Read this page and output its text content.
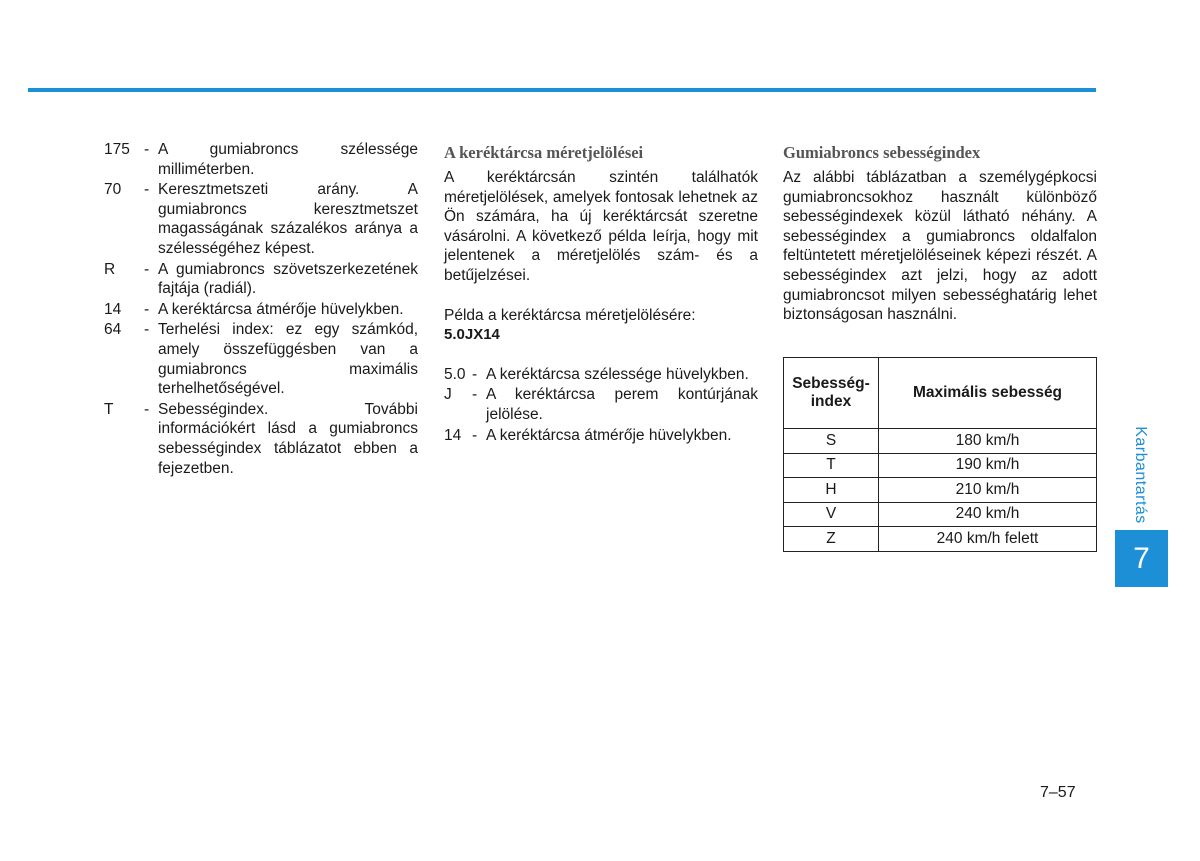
175 - A gumiabroncs szélessége milliméterben.
70	- Keresztmetszeti arány. A gumiabroncs keresztmetszet magasságának százalékos aránya a szélességéhez képest.
R	- A gumiabroncs szövetszerkezetének fajtája (radiál).
14	- A keréktárcsa átmérője hüvelykben.
64	- Terhelési index: ez egy számkód, amely összefüggésben van a gumiabroncs maximális terhelhetőségével.
T	- Sebességindex. További információkért lásd a gumiabroncs sebességindex táblázatot ebben a fejezetben.
A keréktárcsa méretjelölései

A keréktárcsán szintén találhatók méretjelölések, amelyek fontosak lehetnek az Ön számára, ha új keréktárcsát szeretne vásárolni. A következő példa leírja, hogy mit jelentenek a méretjelölés szám- és a betűjelzései.

Példa a keréktárcsa méretjelölésére:

5.0JX14

5.0 - A keréktárcsa szélessége hüvelykben.
J	- A keréktárcsa perem kontúrjának jelölése.
14 - A keréktárcsa átmérője hüvelykben.
Gumiabroncs sebességindex

Az alábbi táblázatban a személygépkocsi gumiabroncsokhoz használt különböző sebességindexek közül látható néhány. A sebességindex a gumiabroncs oldalfalon feltüntetett méretjelöléseinek képezi részét. A sebességindex azt jelzi, hogy az adott gumiabroncsot milyen sebességhatárig lehet biztonságosan használni.

Sebesség-index	Maximális sebesség
S	180 km/h
T	190 km/h
H	210 km/h
V	240 km/h
Z	240 km/h felett
Karbantartás
7
7–57
